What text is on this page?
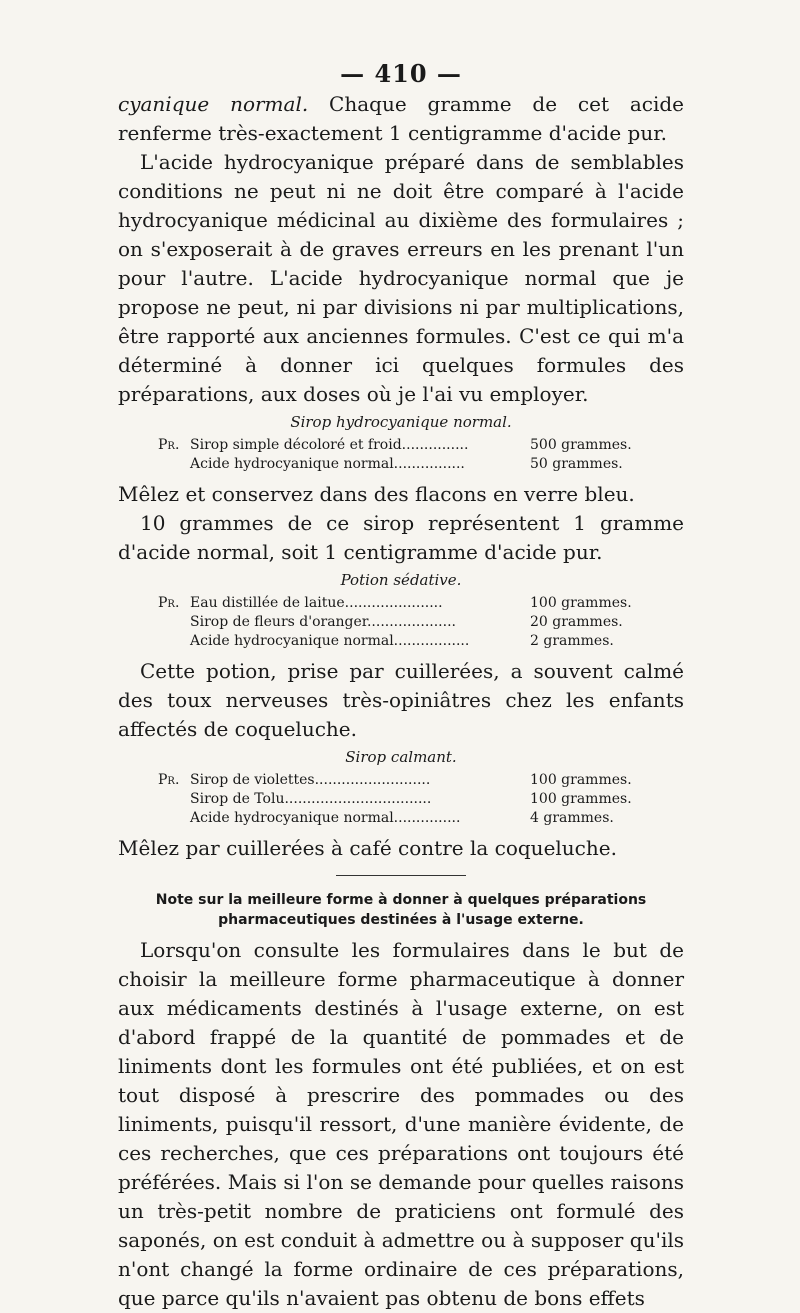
— 410 —

cyanique normal. Chaque gramme de cet acide renferme très-exactement 1 centigramme d'acide pur.

L'acide hydrocyanique préparé dans de semblables conditions ne peut ni ne doit être comparé à l'acide hydrocyanique médicinal au dixième des formulaires ; on s'exposerait à de graves erreurs en les prenant l'un pour l'autre. L'acide hydrocyanique normal que je propose ne peut, ni par divisions ni par multiplications, être rapporté aux anciennes formules. C'est ce qui m'a déterminé à donner ici quelques formules des préparations, aux doses où je l'ai vu employer.

Sirop hydrocyanique normal.
Pr. Sirop simple décoloré et froid...............	500 grammes.
Acide hydrocyanique normal................	50 grammes.

Mêlez et conservez dans des flacons en verre bleu.

10 grammes de ce sirop représentent 1 gramme d'acide normal, soit 1 centigramme d'acide pur.

Potion sédative.
Pr. Eau distillée de laitue......................	100 grammes.
Sirop de fleurs d'oranger....................	20 grammes.
Acide hydrocyanique normal.................	2 grammes.

Cette potion, prise par cuillerées, a souvent calmé des toux nerveuses très-opiniâtres chez les enfants affectés de coqueluche.

Sirop calmant.
Pr. Sirop de violettes..........................	100 grammes.
Sirop de Tolu.................................	100 grammes.
Acide hydrocyanique normal...............	4 grammes.

Mêlez par cuillerées à café contre la coqueluche.

Note sur la meilleure forme à donner à quelques préparations pharmaceutiques destinées à l'usage externe.

Lorsqu'on consulte les formulaires dans le but de choisir la meilleure forme pharmaceutique à donner aux médicaments destinés à l'usage externe, on est d'abord frappé de la quantité de pommades et de liniments dont les formules ont été publiées, et on est tout disposé à prescrire des pommades ou des liniments, puisqu'il ressort, d'une manière évidente, de ces recherches, que ces préparations ont toujours été préférées. Mais si l'on se demande pour quelles raisons un très-petit nombre de praticiens ont formulé des saponés, on est conduit à admettre ou à supposer qu'ils n'ont changé la forme ordinaire de ces préparations, que parce qu'ils n'avaient pas obtenu de bons effets
